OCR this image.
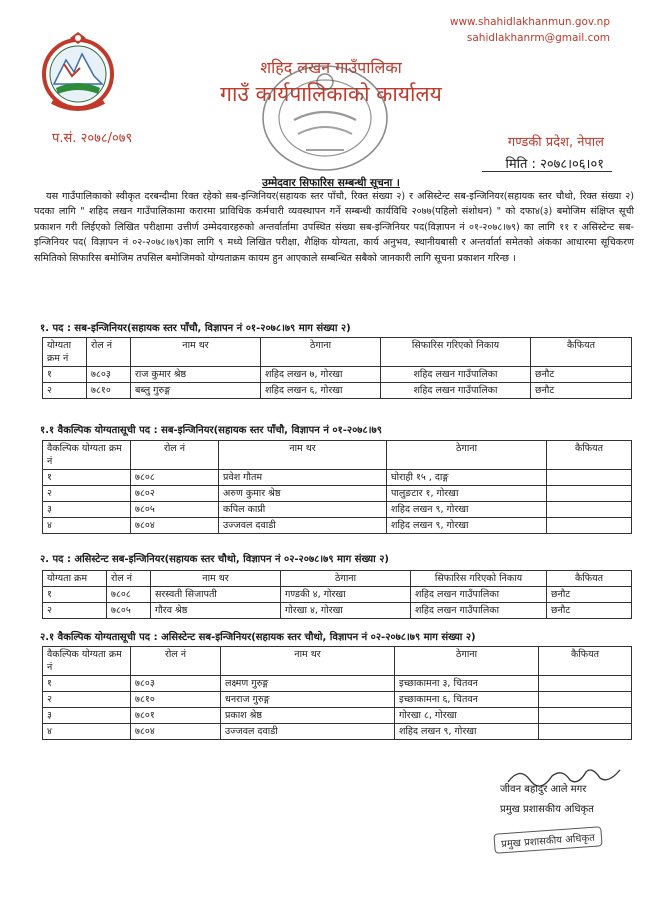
www.shahidlakhanmun.gov.np
sahidlakhanrm@gmail.com
शहिद लखन गाउँपालिका
गाउँ कार्यपालिकाको कार्यालय
प.सं. २०७८/०७९	गण्डकी प्रदेश, नेपाल
मिति : २०७८।०६।०१
उम्मेदवार सिफारिस सम्बन्धी सूचना ।
यस गाउँपालिकाको स्वीकृत दरबन्दीमा रिक्त रहेको सब-इन्जिनियर(सहायक स्तर पाँचौ, रिक्त संख्या २) र असिस्टेन्ट सब-इन्जिनियर(सहायक स्तर चौथो, रिक्त संख्या २) पदका लागि " शहिद लखन गाउँपालिकामा करारमा प्राविधिक कर्मचारी व्यवस्थापन गर्ने सम्बन्धी कार्यविधि २०७७(पहिलो संशोधन) " को दफा४(३) बमोजिम संक्षिप्त सूची प्रकाशन गरी लिईएको लिखित परीक्षामा उत्तीर्ण उम्मेदवारहरुको अन्तर्वार्तामा उपस्थित संख्या सब-इन्जिनियर पद(विज्ञापन नं ०१-२०७८।७९) का लागि ११ र असिस्टेन्ट सब-इन्जिनियर पद( विज्ञापन नं ०२-२०७८।७९)का लागि ९ मध्ये लिखित परीक्षा, शैक्षिक योग्यता, कार्य अनुभव, स्थानीयबासी र अन्तर्वार्ता समेतको अंकका आधारमा सूचिकरण समितिको सिफारिस बमोजिम तपसिल बमोजिमको योग्यताक्रम कायम हुन आएकाले सम्बन्धित सबैको जानकारी लागि सूचना प्रकाशन गरिन्छ ।
१. पद : सब-इन्जिनियर(सहायक स्तर पाँचौ, विज्ञापन नं ०१-२०७८।७९ माग संख्या २)
योग्यता क्रम नं	रोल नं	नाम थर	ठेगाना	सिफारिस गरिएको निकाय	कैफियत
१	७८०३	राज कुमार श्रेष्ठ	शहिद लखन ७, गोरखा	शहिद लखन गाउँपालिका	छनौट
२	७८१०	बब्लु गुरुङ्ग	शहिद लखन ६, गोरखा	शहिद लखन गाउँपालिका	छनौट
१.१ वैकल्पिक योग्यतासूची पद : सब-इन्जिनियर(सहायक स्तर पाँचौ, विज्ञापन नं ०१-२०७८।७९
वैकल्पिक योग्यता क्रम नं	रोल नं	नाम थर	ठेगाना	कैफियत
१	७८०८	प्रवेश गौतम	घोराही १५ , दाङ्ग	
२	७८०२	अरुण कुमार श्रेष्ठ	पालुङटार १, गोरखा	
३	७८०५	कपिल काप्री	शहिद लखन ९, गोरखा	
४	७८०४	उज्जवल दवाडी	शहिद लखन ९, गोरखा	
२. पद : असिस्टेन्ट सब-इन्जिनियर(सहायक स्तर चौथो, विज्ञापन नं ०२-२०७८।७९ माग संख्या २)
योग्यता क्रम	रोल नं	नाम थर	ठेगाना	सिफारिस गरिएको निकाय	कैफियत
१	७८०८	सरस्वती सिजापती	गण्डकी ४, गोरखा	शहिद लखन गाउँपालिका	छनौट
२	७८०५	गौरव श्रेष्ठ	गोरखा ४, गोरखा	शहिद लखन गाउँपालिका	छनौट
२.१ वैकल्पिक योग्यतासूची पद : असिस्टेन्ट सब-इन्जिनियर(सहायक स्तर चौथो, विज्ञापन नं ०२-२०७८।७९ माग संख्या २)
वैकल्पिक योग्यता क्रम नं	रोल नं	नाम थर	ठेगाना	कैफियत
१	७८०३	लक्ष्मण गुरुङ्ग	इच्छाकामना ३, चितवन	
२	७८१०	धनराज गुरुङ्ग	इच्छाकामना ६, चितवन	
३	७८०१	प्रकाश श्रेष्ठ	गोरखा ८, गोरखा	
४	७८०४	उज्जवल दवाडी	शहिद लखन ९, गोरखा	
जीवन बहादुर आले मगर
प्रमुख प्रशासकीय अधिकृत
प्रमुख प्रशासकीय अधिकृत
